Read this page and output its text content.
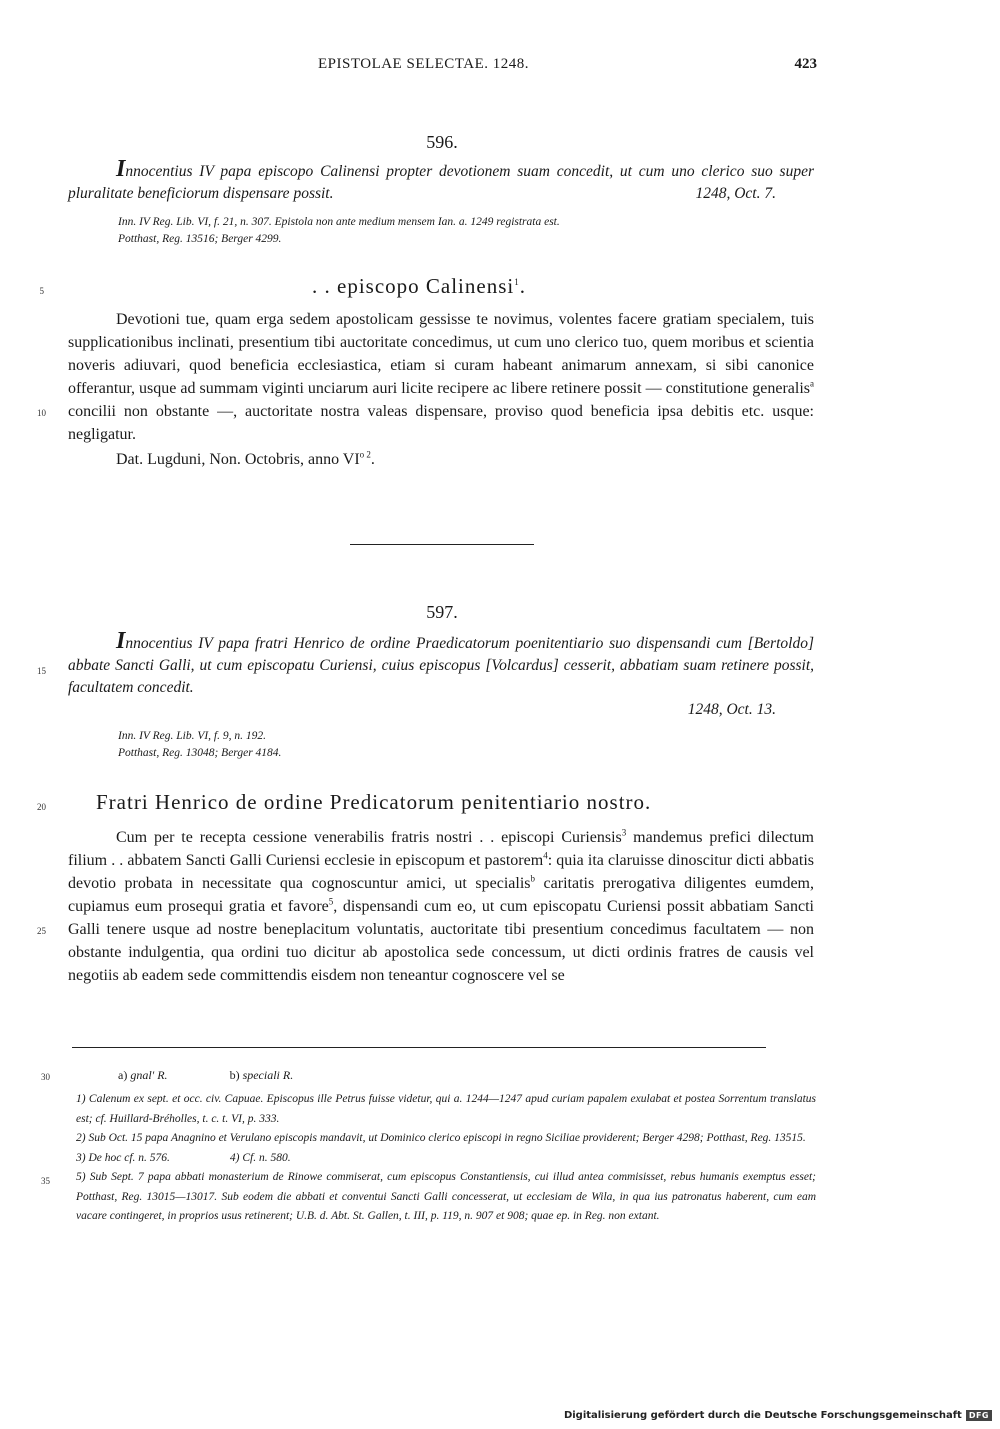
EPISTOLAE SELECTAE. 1248.	423
596.
Innocentius IV papa episcopo Calinensi propter devotionem suam concedit, ut cum uno clerico suo super pluralitate beneficiorum dispensare possit.	1248, Oct. 7.
Inn. IV Reg. Lib. VI, f. 21, n. 307. Epistola non ante medium mensem Ian. a. 1249 registrata est.
Potthast, Reg. 13516; Berger 4299.
5	. . episcopo Calinensi$^1$.

Devotioni tue, quam erga sedem apostolicam gessisse te novimus, volentes facere gratiam specialem, tuis supplicationibus inclinati, presentium tibi auctoritate concedimus, ut cum uno clerico tuo, quem moribus et scientia noveris adiuvari, quod beneficia ecclesiastica, etiam si curam habeant animarum annexam, si sibi canonice offerantur, usque ad summam viginti unciarum auri licite recipere ac libere retinere possit — constitutione generalis$^a$ concilii non obstante —, auctoritate nostra valeas dispensare, proviso quod beneficia ipsa debitis etc. usque: negligatur.

Dat. Lugduni, Non. Octobris, anno $VI^{o 2}$.

10
597.
Innocentius IV papa fratri Henrico de ordine Praedicatorum poenitentiario suo dispensandi cum [Bertoldo] abbate Sancti Galli, ut cum episcopatu Curiensi, cuius episcopus [Volcardus] cesserit, abbatiam suam retinere possit, facultatem concedit.
1248, Oct. 13.
15
Inn. IV Reg. Lib. VI, f. 9, n. 192.
Potthast, Reg. 13048; Berger 4184.
20 Fratri Henrico de ordine Predicatorum penitentiario nostro.

Cum per te recepta cessione venerabilis fratris nostri . . episcopi Curiensis$^3$ mandemus prefici dilectum filium . . abbatem Sancti Galli Curiensi ecclesie in episcopum et pastorem$^4$: quia ita claruisse dinoscitur dicti abbatis devotio probata in necessitate qua cognoscuntur amici, ut specialis$^b$ caritatis prerogativa diligentes eumdem, cupiamus eum prosequi gratia et favore$^5$, dispensandi cum eo, ut cum episcopatu Curiensi possit abbatiam Sancti Galli tenere usque ad nostre beneplacitum voluntatis, auctoritate tibi presentium concedimus facultatem — non obstante indulgentia, qua ordini tuo dicitur ab apostolica sede concessum, ut dicti ordinis fratres de causis vel negotiis ab eadem sede committendis eisdem non teneantur cognoscere vel se

25
30	a) gnal' R.	b) speciali R.
1) Calenum ex sept. et occ. civ. Capuae. Episcopus ille Petrus fuisse videtur, qui a. 1244—1247 apud curiam papalem exulabat et postea Sorrentum translatus est; cf. Huillard-Bréholles, t. c. t. VI, p. 333.
2) Sub Oct. 15 papa Anagnino et Verulano episcopis mandavit, ut Dominico clerico episcopi in regno Siciliae providerent; Berger 4298; Potthast, Reg. 13515.
3) De hoc cf. n. 576.	4) Cf. n. 580.
5) Sub Sept. 7 papa abbati monasterium de Rinowe commiserat, cum episcopus Constantiensis, cui illud antea commisisset, rebus humanis exemptus esset; Potthast, Reg. 13015—13017. Sub eodem die abbati et conventui Sancti Galli concesserat, ut ecclesiam de Wila, in qua ius patronatus haberent, cum eam vacare contingeret, in proprios usus retinerent; U.B. d. Abt. St. Gallen, t. III, p. 119, n. 907 et 908; quae ep. in Reg. non extant.
35
Digitalisierung gefördert durch die Deutsche Forschungsgemeinschaft DFG
